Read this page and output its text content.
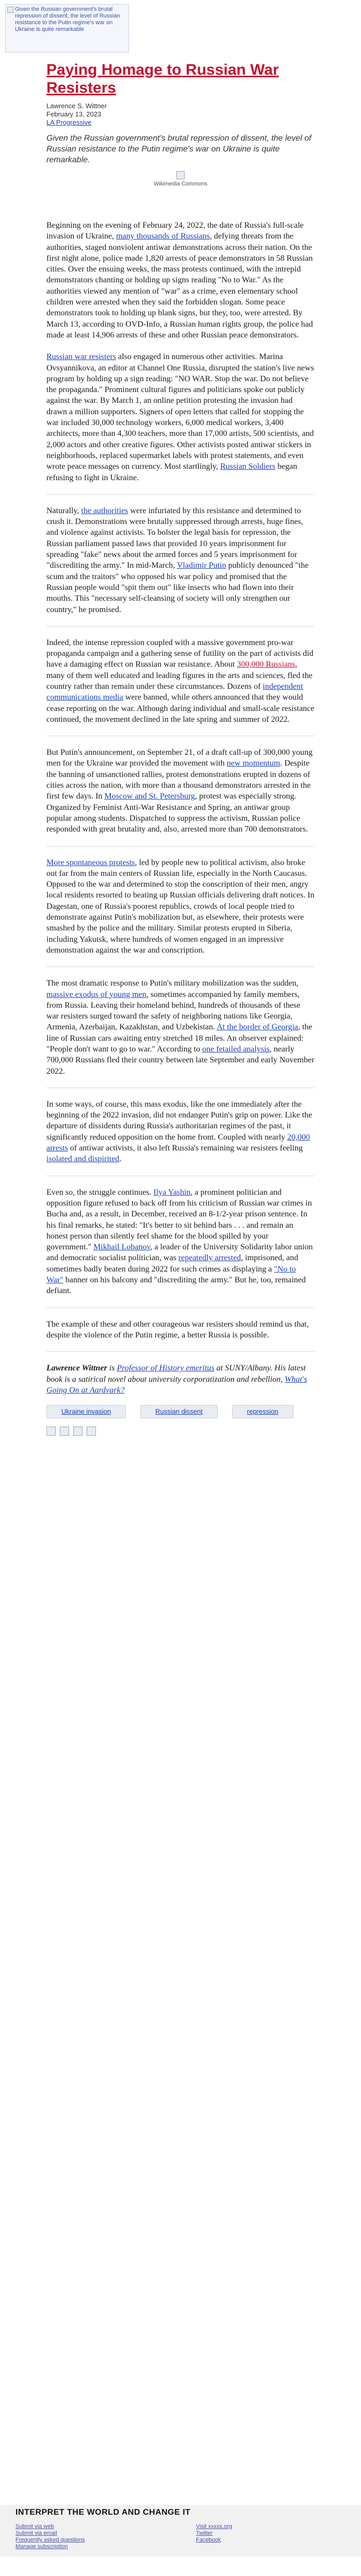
Given the Russian government's brutal repression of dissent, the level of Russian resistance to the Putin regime's war on Ukraine is quite remarkable
Paying Homage to Russian War Resisters
Lawrence S. Wittner
February 13, 2023
LA Progressive

Given the Russian government's brutal repression of dissent, the level of Russian resistance to the Putin regime's war on Ukraine is quite remarkable.

Wikimedia Commons

Beginning on the evening of February 24, 2022, the date of Russia's full-scale invasion of Ukraine, many thousands of Russians, defying threats from the authorities, staged nonviolent antiwar demonstrations across their nation. On the first night alone, police made 1,820 arrests of peace demonstrators in 58 Russian cities. Over the ensuing weeks, the mass protests continued, with the intrepid demonstrators chanting or holding up signs reading "No to War." As the authorities viewed any mention of "war" as a crime, even elementary school children were arrested when they said the forbidden slogan. Some peace demonstrators took to holding up blank signs, but they, too, were arrested. By March 13, according to OVD-Info, a Russian human rights group, the police had made at least 14,906 arrests of these and other Russian peace demonstrators.

Russian war resisters also engaged in numerous other activities. Marina Ovsyannikova, an editor at Channel One Russia, disrupted the station's live news program by holding up a sign reading: "NO WAR. Stop the war. Do not believe the propaganda." Prominent cultural figures and politicians spoke out publicly against the war. By March 1, an online petition protesting the invasion had drawn a million supporters. Signers of open letters that called for stopping the war included 30,000 technology workers, 6,000 medical workers, 3,400 architects, more than 4,300 teachers, more than 17,000 artists, 500 scientists, and 2,000 actors and other creative figures. Other activists posted antiwar stickers in neighborhoods, replaced supermarket labels with protest statements, and even wrote peace messages on currency. Most startlingly, Russian Soldiers began refusing to fight in Ukraine.

Naturally, the authorities were infuriated by this resistance and determined to crush it. Demonstrations were brutally suppressed through arrests, huge fines, and violence against activists. To bolster the legal basis for repression, the Russian parliament passed laws that provided 10 years imprisonment for spreading "fake" news about the armed forces and 5 years imprisonment for "discrediting the army." In mid-March, Vladimir Putin publicly denounced "the scum and the traitors" who opposed his war policy and promised that the Russian people would "spit them out" like insects who had flown into their mouths. This "necessary self-cleansing of society will only strengthen our country," he promised.

Indeed, the intense repression coupled with a massive government pro-war propaganda campaign and a gathering sense of futility on the part of activists did have a damaging effect on Russian war resistance. About 300,000 Russians, many of them well educated and leading figures in the arts and sciences, fled the country rather than remain under these circumstances. Dozens of independent communications media were banned, while others announced that they would cease reporting on the war. Although daring individual and small-scale resistance continued, the movement declined in the late spring and summer of 2022.

But Putin's announcement, on September 21, of a draft call-up of 300,000 young men for the Ukraine war provided the movement with new momentum. Despite the banning of unsanctioned rallies, protest demonstrations erupted in dozens of cities across the nation, with more than a thousand demonstrators arrested in the first few days. In Moscow and St. Petersburg, protest was especially strong. Organized by Feminist Anti-War Resistance and Spring, an antiwar group popular among students. Dispatched to suppress the activism, Russian police responded with great brutality and, also, arrested more than 700 demonstrators.

More spontaneous protests, led by people new to political activism, also broke out far from the main centers of Russian life, especially in the North Caucasus. Opposed to the war and determined to stop the conscription of their men, angry local residents resorted to beating up Russian officials delivering draft notices. In Dagestan, one of Russia's poorest republics, crowds of local people tried to demonstrate against Putin's mobilization but, as elsewhere, their protests were smashed by the police and the military. Similar protests erupted in Siberia, including Yakutsk, where hundreds of women engaged in an impressive demonstration against the war and conscription.

The most dramatic response to Putin's military mobilization was the sudden, massive exodus of young men, sometimes accompanied by family members, from Russia. Leaving their homeland behind, hundreds of thousands of these war resisters surged toward the safety of neighboring nations like Georgia, Armenia, Azerbaijan, Kazakhstan, and Uzbekistan. At the border of Georgia, the line of Russian cars awaiting entry stretched 18 miles. An observer explained: "People don't want to go to war." According to one fetailed analysis, nearly 700,000 Russians fled their country between late September and early November 2022.

In some ways, of course, this mass exodus, like the one immediately after the beginning of the 2022 invasion, did not endanger Putin's grip on power. Like the departure of dissidents during Russia's authoritarian regimes of the past, it significantly reduced opposition on the home front. Coupled with nearly 20,000 arrests of antiwar activists, it also left Russia's remaining war resisters feeling isolated and dispirited.

Even so, the struggle continues. Ilya Yashin, a prominent politician and opposition figure refused to back off from his criticism of Russian war crimes in Bucha and, as a result, in December, received an 8-1/2-year prison sentence. In his final remarks, he stated: "It's better to sit behind bars . . . and remain an honest person than silently feel shame for the blood spilled by your government." Mikhail Lobanov, a leader of the University Solidarity labor union and democratic socialist politician, was repeatedly arrested, imprisoned, and sometimes badly beaten during 2022 for such crimes as displaying a "No to War" banner on his balcony and "discrediting the army." But he, too, remained defiant.

The example of these and other courageous war resisters should remind us that, despite the violence of the Putin regime, a better Russia is possible.

Lawrence Wittner is Professor of History emeritus at SUNY/Albany. His latest book is a satirical novel about university corporatization and rebellion, What's Going On at Aardvark?
Ukraine invasion	Russian dissent	repression
INTERPRET THE WORLD AND CHANGE IT
Submit via web
Submit via email
Frequently asked questions
Manage subscription
Visit xxxxx.org
Twitter
Facebook
